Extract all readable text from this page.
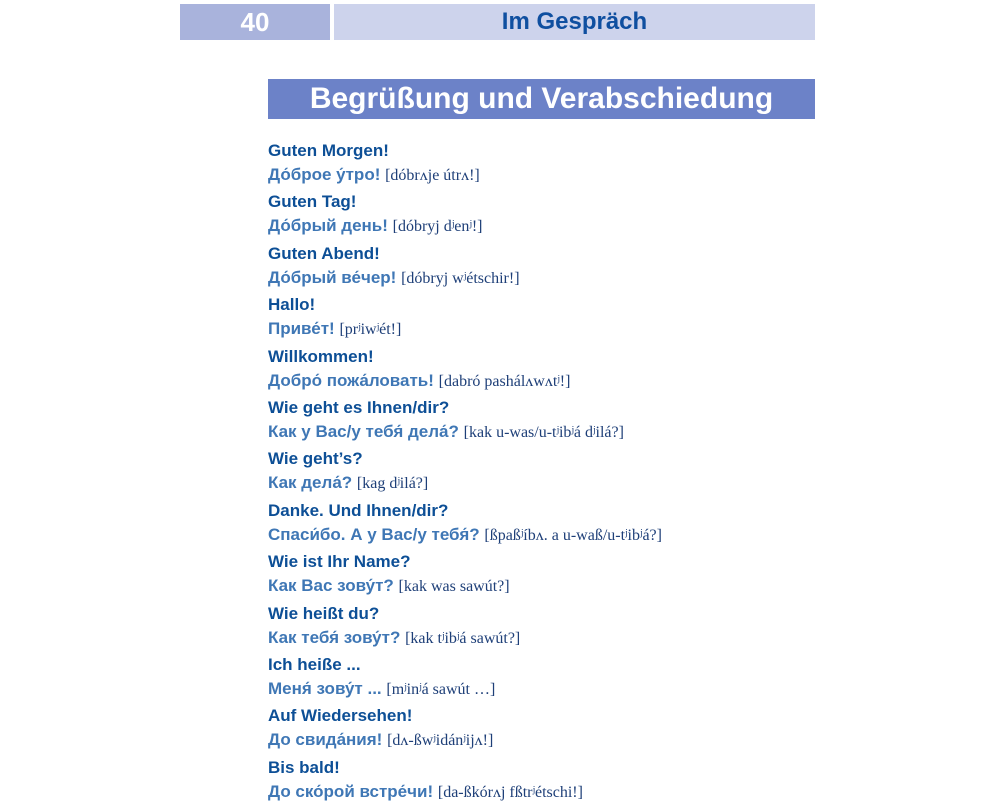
40	Im Gespräch
Begrüßung und Verabschiedung
Guten Morgen!
До́брое у́тро! [dóbrʌje útrʌ!]
Guten Tag!
До́брый день! [dóbryj dʲenʲ!]
Guten Abend!
До́брый ве́чер! [dóbryj wʲétschir!]
Hallo!
Приве́т! [prʲiwʲét!]
Willkommen!
Добро́ пожа́ловать! [dabró pashálʌwʌtʲ!]
Wie geht es Ihnen/dir?
Как у Вас/у тебя́ дела́? [kak u-was/u-tʲibʲá dʲilá?]
Wie geht’s?
Как дела́? [kag dʲilá?]
Danke. Und Ihnen/dir?
Спаси́бо. А у Вас/у тебя́? [ßpaßʲíbʌ. a u-waß/u-tʲibʲá?]
Wie ist Ihr Name?
Как Вас зову́т? [kak was sawút?]
Wie heißt du?
Как тебя́ зову́т? [kak tʲibʲá sawút?]
Ich heiße ...
Меня́ зову́т ... [mʲinʲá sawút …]
Auf Wiedersehen!
До свида́ния! [dʌ-ßwʲidánʲijʌ!]
Bis bald!
До ско́рой встре́чи! [da-ßkórʌj fßtrʲétschi!]
